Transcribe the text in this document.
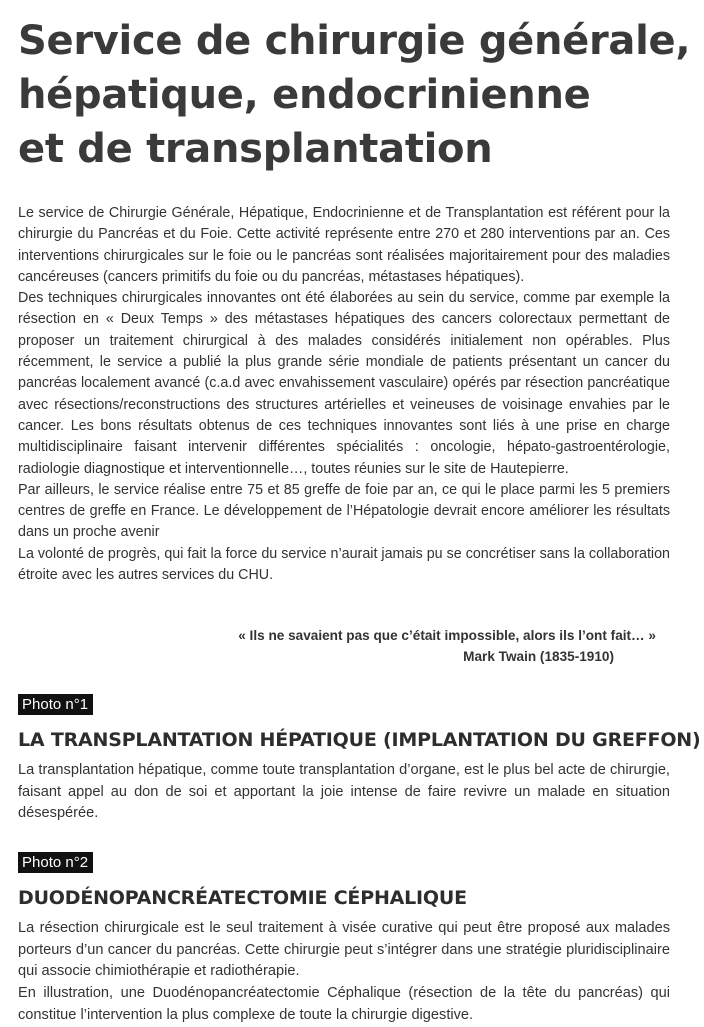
Service de chirurgie générale,
hépatique, endocrinienne
et de transplantation

Le service de Chirurgie Générale, Hépatique, Endocrinienne et de Transplantation est référent pour la chirurgie du Pancréas et du Foie. Cette activité représente entre 270 et 280 interventions par an. Ces interventions chirurgicales sur le foie ou le pancréas sont réalisées majoritairement pour des maladies cancéreuses (cancers primitifs du foie ou du pancréas, métastases hépatiques).

Des techniques chirurgicales innovantes ont été élaborées au sein du service, comme par exemple la résection en « Deux Temps » des métastases hépatiques des cancers colorectaux permettant de proposer un traitement chirurgical à des malades considérés initialement non opérables. Plus récemment, le service a publié la plus grande série mondiale de patients présentant un cancer du pancréas localement avancé (c.a.d avec envahissement vasculaire) opérés par résection pancréatique avec résections/reconstructions des structures artérielles et veineuses de voisinage envahies par le cancer. Les bons résultats obtenus de ces techniques innovantes sont liés à une prise en charge multidisciplinaire faisant intervenir différentes spécialités : oncologie, hépato-gastroentérologie, radiologie diagnostique et interventionnelle…, toutes réunies sur le site de Hautepierre.

Par ailleurs, le service réalise entre 75 et 85 greffe de foie par an, ce qui le place parmi les 5 premiers centres de greffe en France. Le développement de l’Hépatologie devrait encore améliorer les résultats dans un proche avenir

La volonté de progrès, qui fait la force du service n’aurait jamais pu se concrétiser sans la collaboration étroite avec les autres services du CHU.

« Ils ne savaient pas que c’était impossible, alors ils l’ont fait… »
Mark Twain (1835-1910)
Photo n°1
LA TRANSPLANTATION HÉPATIQUE (IMPLANTATION DU GREFFON)

La transplantation hépatique, comme toute transplantation d’organe, est le plus bel acte de chirurgie, faisant appel au don de soi et apportant la joie intense de faire revivre un malade en situation désespérée.

Photo n°2
DUODÉNOPANCRÉATECTOMIE CÉPHALIQUE

La résection chirurgicale est le seul traitement à visée curative qui peut être proposé aux malades porteurs d’un cancer du pancréas. Cette chirurgie peut s’intégrer dans une stratégie pluridisciplinaire qui associe chimiothérapie et radiothérapie.

En illustration, une Duodénopancréatectomie Céphalique (résection de la tête du pancréas) qui constitue l’intervention la plus complexe de toute la chirurgie digestive.
